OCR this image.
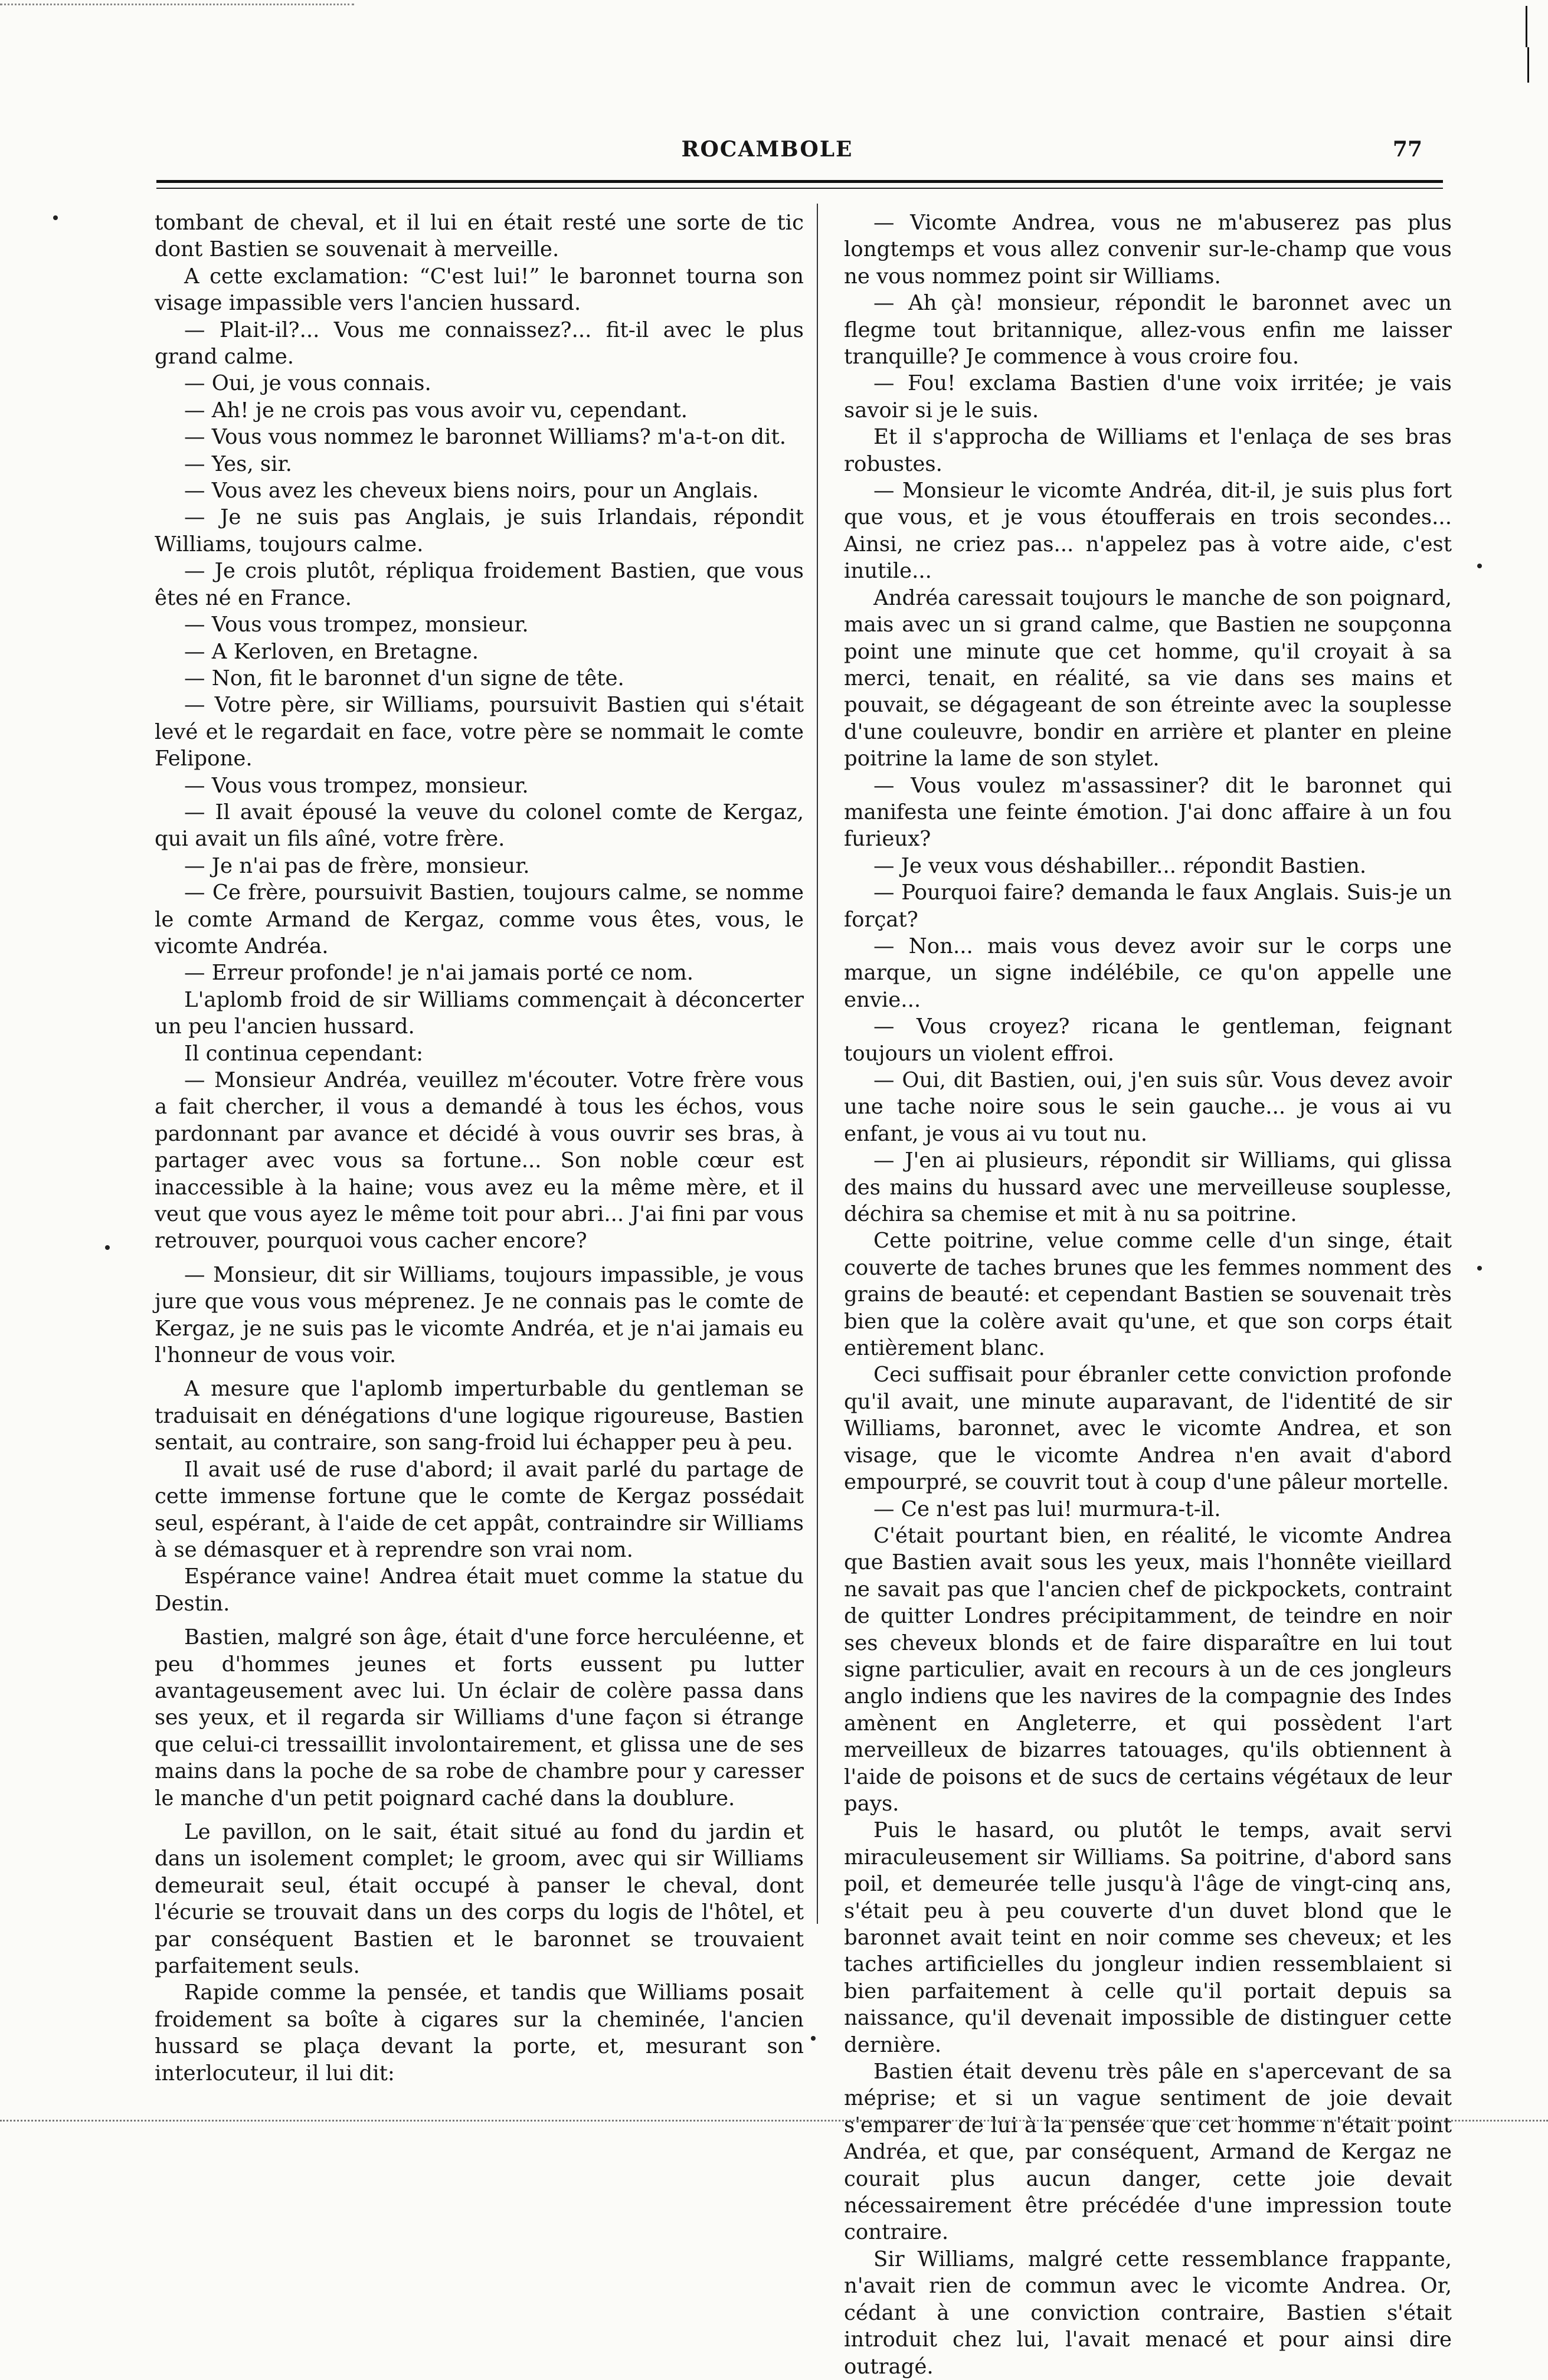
ROCAMBOLE	77

tombant de cheval, et il lui en était resté une sorte de tic dont Bastien se souvenait à merveille.

A cette exclamation: “C'est lui!” le baronnet tourna son visage impassible vers l'ancien hussard.

— Plait-il?... Vous me connaissez?... fit-il avec le plus grand calme.

— Oui, je vous connais.

— Ah! je ne crois pas vous avoir vu, cependant.

— Vous vous nommez le baronnet Williams? m'a-t-on dit.

— Yes, sir.

— Vous avez les cheveux biens noirs, pour un Anglais.

— Je ne suis pas Anglais, je suis Irlandais, répondit Williams, toujours calme.

— Je crois plutôt, répliqua froidement Bastien, que vous êtes né en France.

— Vous vous trompez, monsieur.

— A Kerloven, en Bretagne.

— Non, fit le baronnet d'un signe de tête.

— Votre père, sir Williams, poursuivit Bastien qui s'était levé et le regardait en face, votre père se nommait le comte Felipone.

— Vous vous trompez, monsieur.

— Il avait épousé la veuve du colonel comte de Kergaz, qui avait un fils aîné, votre frère.

— Je n'ai pas de frère, monsieur.

— Ce frère, poursuivit Bastien, toujours calme, se nomme le comte Armand de Kergaz, comme vous êtes, vous, le vicomte Andréa.

— Erreur profonde! je n'ai jamais porté ce nom.

L'aplomb froid de sir Williams commençait à déconcerter un peu l'ancien hussard.

Il continua cependant:

— Monsieur Andréa, veuillez m'écouter. Votre frère vous a fait chercher, il vous a demandé à tous les échos, vous pardonnant par avance et décidé à vous ouvrir ses bras, à partager avec vous sa fortune... Son noble cœur est inaccessible à la haine; vous avez eu la même mère, et il veut que vous ayez le même toit pour abri... J'ai fini par vous retrouver, pourquoi vous cacher encore?

— Monsieur, dit sir Williams, toujours impassible, je vous jure que vous vous méprenez. Je ne connais pas le comte de Kergaz, je ne suis pas le vicomte Andréa, et je n'ai jamais eu l'honneur de vous voir.

A mesure que l'aplomb imperturbable du gentleman se traduisait en dénégations d'une logique rigoureuse, Bastien sentait, au contraire, son sang-froid lui échapper peu à peu.

Il avait usé de ruse d'abord; il avait parlé du partage de cette immense fortune que le comte de Kergaz possédait seul, espérant, à l'aide de cet appât, contraindre sir Williams à se démasquer et à reprendre son vrai nom.

Espérance vaine! Andrea était muet comme la statue du Destin.

Bastien, malgré son âge, était d'une force herculéenne, et peu d'hommes jeunes et forts eussent pu lutter avantageusement avec lui. Un éclair de colère passa dans ses yeux, et il regarda sir Williams d'une façon si étrange que celui-ci tressaillit involontairement, et glissa une de ses mains dans la poche de sa robe de chambre pour y caresser le manche d'un petit poignard caché dans la doublure.

Le pavillon, on le sait, était situé au fond du jardin et dans un isolement complet; le groom, avec qui sir Williams demeurait seul, était occupé à panser le cheval, dont l'écurie se trouvait dans un des corps du logis de l'hôtel, et par conséquent Bastien et le baronnet se trouvaient parfaitement seuls.

Rapide comme la pensée, et tandis que Williams posait froidement sa boîte à cigares sur la cheminée, l'ancien hussard se plaça devant la porte, et, mesurant son interlocuteur, il lui dit:

— Vicomte Andrea, vous ne m'abuserez pas plus longtemps et vous allez convenir sur-le-champ que vous ne vous nommez point sir Williams.

— Ah çà! monsieur, répondit le baronnet avec un flegme tout britannique, allez-vous enfin me laisser tranquille? Je commence à vous croire fou.

— Fou! exclama Bastien d'une voix irritée; je vais savoir si je le suis.

Et il s'approcha de Williams et l'enlaça de ses bras robustes.

— Monsieur le vicomte Andréa, dit-il, je suis plus fort que vous, et je vous étoufferais en trois secondes... Ainsi, ne criez pas... n'appelez pas à votre aide, c'est inutile...

Andréa caressait toujours le manche de son poignard, mais avec un si grand calme, que Bastien ne soupçonna point une minute que cet homme, qu'il croyait à sa merci, tenait, en réalité, sa vie dans ses mains et pouvait, se dégageant de son étreinte avec la souplesse d'une couleuvre, bondir en arrière et planter en pleine poitrine la lame de son stylet.

— Vous voulez m'assassiner? dit le baronnet qui manifesta une feinte émotion. J'ai donc affaire à un fou furieux?

— Je veux vous déshabiller... répondit Bastien.

— Pourquoi faire? demanda le faux Anglais. Suis-je un forçat?

— Non... mais vous devez avoir sur le corps une marque, un signe indélébile, ce qu'on appelle une envie...

— Vous croyez? ricana le gentleman, feignant toujours un violent effroi.

— Oui, dit Bastien, oui, j'en suis sûr. Vous devez avoir une tache noire sous le sein gauche... je vous ai vu enfant, je vous ai vu tout nu.

— J'en ai plusieurs, répondit sir Williams, qui glissa des mains du hussard avec une merveilleuse souplesse, déchira sa chemise et mit à nu sa poitrine.

Cette poitrine, velue comme celle d'un singe, était couverte de taches brunes que les femmes nomment des grains de beauté: et cependant Bastien se souvenait très bien que la colère avait qu'une, et que son corps était entièrement blanc.

Ceci suffisait pour ébranler cette conviction profonde qu'il avait, une minute auparavant, de l'identité de sir Williams, baronnet, avec le vicomte Andrea, et son visage, que le vicomte Andrea n'en avait d'abord empourpré, se couvrit tout à coup d'une pâleur mortelle.

— Ce n'est pas lui! murmura-t-il.

C'était pourtant bien, en réalité, le vicomte Andrea que Bastien avait sous les yeux, mais l'honnête vieillard ne savait pas que l'ancien chef de pickpockets, contraint de quitter Londres précipitamment, de teindre en noir ses cheveux blonds et de faire disparaître en lui tout signe particulier, avait en recours à un de ces jongleurs anglo indiens que les navires de la compagnie des Indes amènent en Angleterre, et qui possèdent l'art merveilleux de bizarres tatouages, qu'ils obtiennent à l'aide de poisons et de sucs de certains végétaux de leur pays.

Puis le hasard, ou plutôt le temps, avait servi miraculeusement sir Williams. Sa poitrine, d'abord sans poil, et demeurée telle jusqu'à l'âge de vingt-cinq ans, s'était peu à peu couverte d'un duvet blond que le baronnet avait teint en noir comme ses cheveux; et les taches artificielles du jongleur indien ressemblaient si bien parfaitement à celle qu'il portait depuis sa naissance, qu'il devenait impossible de distinguer cette dernière.

Bastien était devenu très pâle en s'apercevant de sa méprise; et si un vague sentiment de joie devait s'emparer de lui à la pensée que cet homme n'était point Andréa, et que, par conséquent, Armand de Kergaz ne courait plus aucun danger, cette joie devait nécessairement être précédée d'une impression toute contraire.

Sir Williams, malgré cette ressemblance frappante, n'avait rien de commun avec le vicomte Andrea. Or, cédant à une conviction contraire, Bastien s'était introduit chez lui, l'avait menacé et pour ainsi dire outragé.
